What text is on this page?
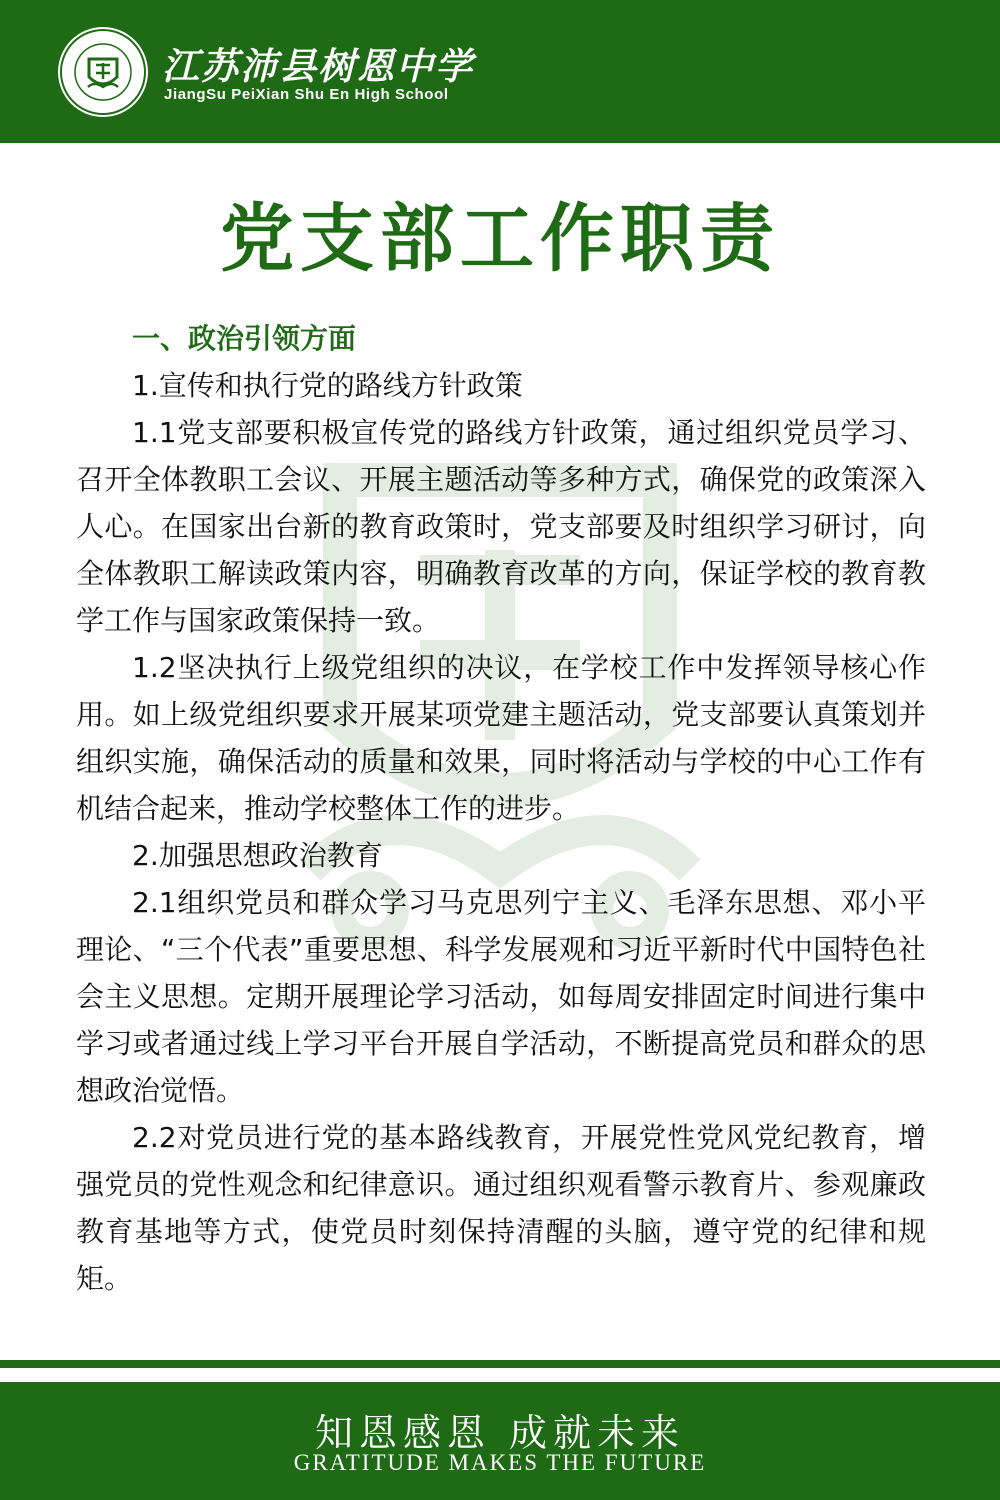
江苏沛县树恩中学
JiangSu PeiXian Shu En High School
党支部工作职责

一、政治引领方面

1.宣传和执行党的路线方针政策

1.1党支部要积极宣传党的路线方针政策，通过组织党员学习、召开全体教职工会议、开展主题活动等多种方式，确保党的政策深入人心。在国家出台新的教育政策时，党支部要及时组织学习研讨，向全体教职工解读政策内容，明确教育改革的方向，保证学校的教育教学工作与国家政策保持一致。

1.2坚决执行上级党组织的决议，在学校工作中发挥领导核心作用。如上级党组织要求开展某项党建主题活动，党支部要认真策划并组织实施，确保活动的质量和效果，同时将活动与学校的中心工作有机结合起来，推动学校整体工作的进步。

2.加强思想政治教育

2.1组织党员和群众学习马克思列宁主义、毛泽东思想、邓小平理论、“三个代表”重要思想、科学发展观和习近平新时代中国特色社会主义思想。定期开展理论学习活动，如每周安排固定时间进行集中学习或者通过线上学习平台开展自学活动，不断提高党员和群众的思想政治觉悟。

2.2对党员进行党的基本路线教育，开展党性党风党纪教育，增强党员的党性观念和纪律意识。通过组织观看警示教育片、参观廉政教育基地等方式，使党员时刻保持清醒的头脑，遵守党的纪律和规矩。

知恩感恩 成就未来
GRATITUDE MAKES THE FUTURE
